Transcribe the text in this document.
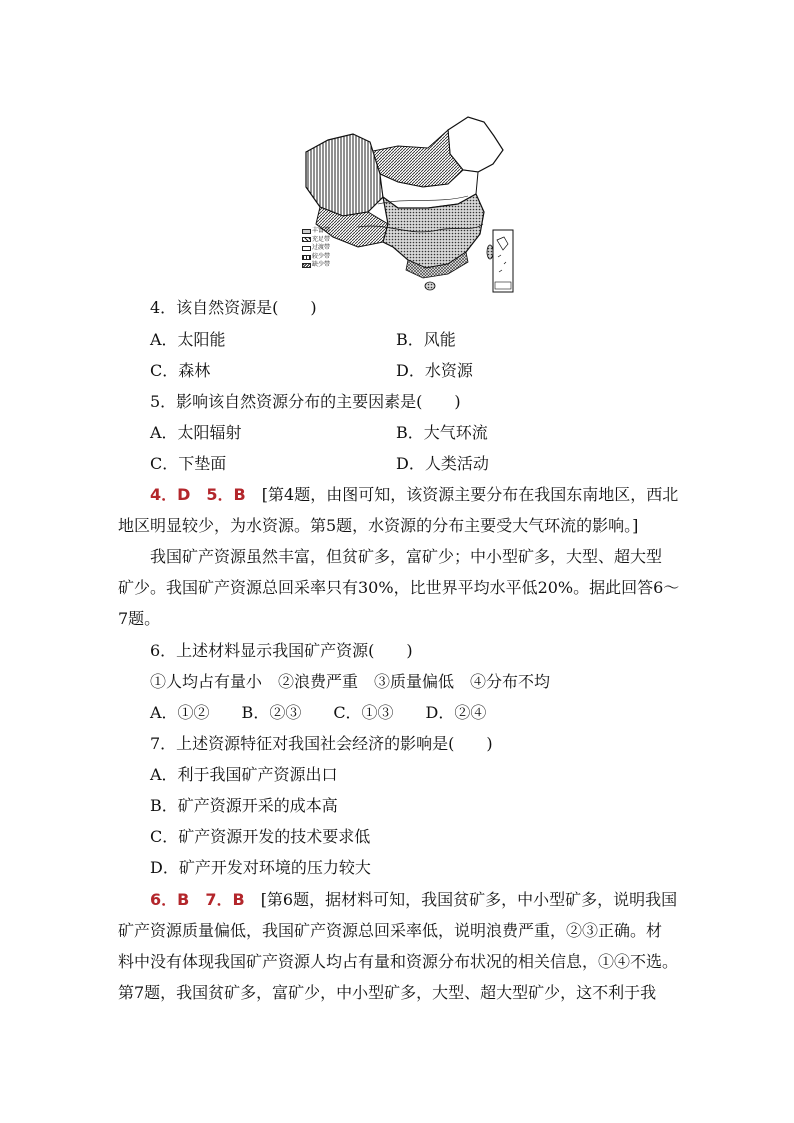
丰富带
充足带
过渡带
较少带
缺少带
4．该自然资源是(　　)
A．太阳能	B．风能
C．森林	D．水资源
5．影响该自然资源分布的主要因素是(　　)
A．太阳辐射	B．大气环流
C．下垫面	D．人类活动
4．D　5．B　 [第4题，由图可知，该资源主要分布在我国东南地区，西北
地区明显较少，为水资源。第5题，水资源的分布主要受大气环流的影响。]
我国矿产资源虽然丰富，但贫矿多，富矿少；中小型矿多，大型、超大型
矿少。我国矿产资源总回采率只有30%，比世界平均水平低20%。据此回答6～
7题。
6．上述材料显示我国矿产资源(　　)
①人均占有量小　②浪费严重　③质量偏低　④分布不均
A．①②　　B．②③　　C．①③　　D．②④
7．上述资源特征对我国社会经济的影响是(　　)
A．利于我国矿产资源出口
B．矿产资源开采的成本高
C．矿产资源开发的技术要求低
D．矿产开发对环境的压力较大
6．B　7．B　 [第6题，据材料可知，我国贫矿多，中小型矿多，说明我国
矿产资源质量偏低，我国矿产资源总回采率低，说明浪费严重，②③正确。材
料中没有体现我国矿产资源人均占有量和资源分布状况的相关信息，①④不选。
第7题，我国贫矿多，富矿少，中小型矿多，大型、超大型矿少，这不利于我
